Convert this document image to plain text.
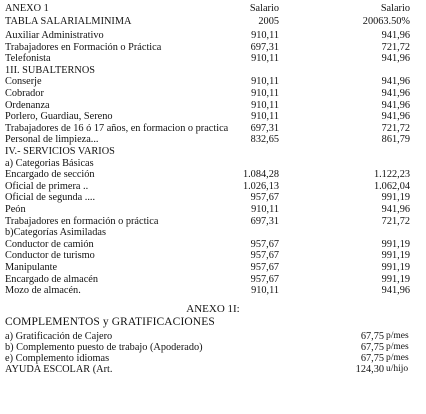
ANEXO 1	Salario	Salario
TABLA SALARIALMINIMA	2005	20063.50%
Auxiliar Administrativo	910,11	941,96
Trabajadores en Formación o Práctica	697,31	721,72
Telefonista	910,11	941,96
1II. SUBALTERNOS
Conserje	910,11	941,96
Cobrador	910,11	941,96
Ordenanza	910,11	941,96
Porlero, Guardiau, Sereno	910,11	941,96
Trabajadores de 16 ó 17 años, en formacion o practica 697,31	721,72
Personal de limpieza...	832,65	861,79
IV.- SERVICIOS VARIOS
a) Categorias Básicas
Encargado de sección	1.084,28	1.122,23
Oficial de primera ..	1.026,13	1.062,04
Oficial de segunda ....	957,67	991,19
Peón	910,11	941,96
Trabajadores en formación o práctica	697,31	721,72
b)Categorías Asimiladas
Conductor de camión	957,67	991,19
Conductor de turismo	957,67	991,19
Manipulante	957,67	991,19
Encargado de almacén	957,67	991,19
Mozo de almacén.	910,11	941,96
ANEXO 1I:
COMPLEMENTOS y GRATIFICACIONES
a) Gratificación de Cajero	67,75 p/mes
b) Complemento puesto de trabajo (Apoderado)	67,75 p/mes
e) Complemento idiomas	67,75 p/mes
AYUDA ESCOLAR (Art.	124,30 u/hijo
